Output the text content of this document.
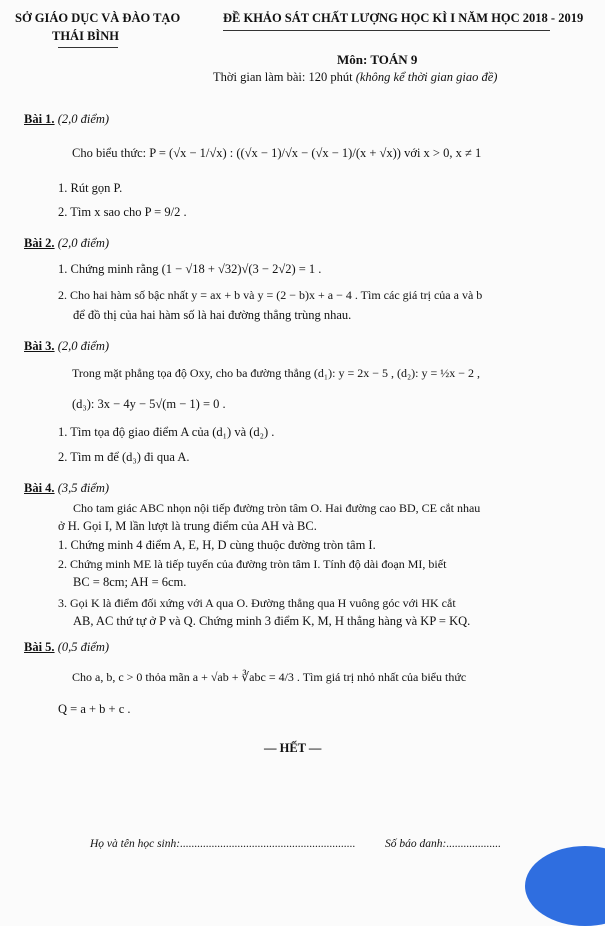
SỞ GIÁO DỤC VÀ ĐÀO TẠO
THÁI BÌNH
ĐỀ KHẢO SÁT CHẤT LƯỢNG HỌC KÌ I NĂM HỌC 2018 - 2019
Môn: TOÁN 9
Thời gian làm bài: 120 phút (không kể thời gian giao đề)
Bài 1. (2,0 điểm)
Cho biểu thức: P = (√x − 1/√x) : ((√x − 1)/√x − (√x − 1)/(x + √x)) với x > 0, x ≠ 1
1. Rút gọn P.
2. Tìm x sao cho P = 9/2 .
Bài 2. (2,0 điểm)
1. Chứng minh rằng (1 − √18 + √32)√(3 − 2√2) = 1 .
2. Cho hai hàm số bậc nhất y = ax + b và y = (2 − b)x + a − 4 . Tìm các giá trị của a và b
để đồ thị của hai hàm số là hai đường thẳng trùng nhau.
Bài 3. (2,0 điểm)
Trong mặt phẳng tọa độ Oxy, cho ba đường thẳng (d₁): y = 2x − 5 , (d₂): y = ½x − 2 ,
(d₃): 3x − 4y − 5√(m − 1) = 0 .
1. Tìm tọa độ giao điểm A của (d₁) và (d₂) .
2. Tìm m để (d₃) đi qua A.
Bài 4. (3,5 điểm)
Cho tam giác ABC nhọn nội tiếp đường tròn tâm O. Hai đường cao BD, CE cắt nhau
ở H. Gọi I, M lần lượt là trung điểm của AH và BC.
1. Chứng minh 4 điểm A, E, H, D cùng thuộc đường tròn tâm I.
2. Chứng minh ME là tiếp tuyến của đường tròn tâm I. Tính độ dài đoạn MI, biết
BC = 8cm; AH = 6cm.
3. Gọi K là điểm đối xứng với A qua O. Đường thẳng qua H vuông góc với HK cắt
AB, AC thứ tự ở P và Q. Chứng minh 3 điểm K, M, H thẳng hàng và KP = KQ.
Bài 5. (0,5 điểm)
Cho a, b, c > 0 thỏa mãn a + √ab + ∛abc = 4/3 . Tìm giá trị nhỏ nhất của biểu thức
Q = a + b + c .
— HẾT —
Họ và tên học sinh:.............................................................	Số báo danh:...................
